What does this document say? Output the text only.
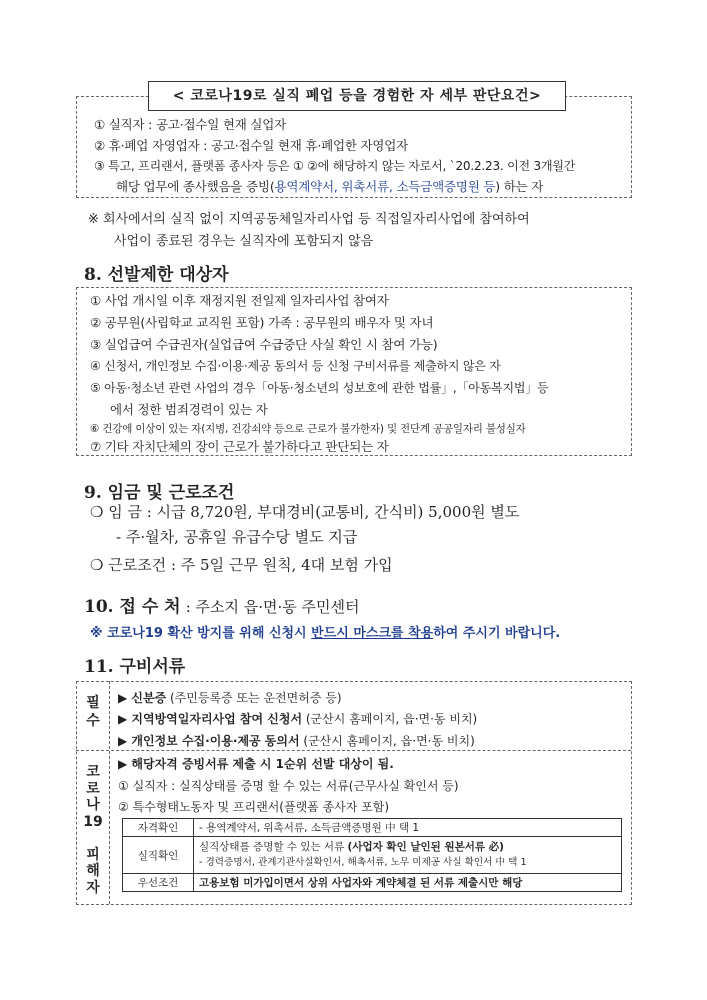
< 코로나19로 실직 폐업 등을 경험한 자 세부 판단요건>
① 실직자 : 공고·접수일 현재 실업자
② 휴·폐업 자영업자 : 공고·접수일 현재 휴·폐업한 자영업자
③ 특고, 프리랜서, 플랫폼 종사자 등은 ① ②에 해당하지 않는 자로서, `20.2.23. 이전 3개월간
해당 업무에 종사했음을 증빙(용역계약서, 위촉서류, 소득금액증명원 등) 하는 자
※ 회사에서의 실직 없이 지역공동체일자리사업 등 직접일자리사업에 참여하여
사업이 종료된 경우는 실직자에 포함되지 않음
8. 선발제한 대상자
① 사업 개시일 이후 재정지원 전일제 일자리사업 참여자
② 공무원(사립학교 교직원 포함) 가족 : 공무원의 배우자 및 자녀
③ 실업급여 수급권자(실업급여 수급중단 사실 확인 시 참여 가능)
④ 신청서, 개인정보 수집·이용·제공 동의서 등 신청 구비서류를 제출하지 않은 자
⑤ 아동·청소년 관련 사업의 경우「아동·청소년의 성보호에 관한 법률」,「아동복지법」등
에서 정한 범죄경력이 있는 자
⑥ 건강에 이상이 있는 자(지병, 건강쇠약 등으로 근로가 불가한자) 및 전단계 공공일자리 불성실자
⑦ 기타 자치단체의 장이 근로가 불가하다고 판단되는 자
9. 임금 및 근로조건
❍ 임 금 : 시급 8,720원, 부대경비(교통비, 간식비) 5,000원 별도
- 주·월차, 공휴일 유급수당 별도 지급
❍ 근로조건 : 주 5일 근무 원칙, 4대 보험 가입
10. 접 수 처 : 주소지 읍·면·동 주민센터
※ 코로나19 확산 방지를 위해 신청시 반드시 마스크를 착용하여 주시기 바랍니다.
11. 구비서류
필
수
▶ 신분증 (주민등록증 또는 운전면허증 등)
▶ 지역방역일자리사업 참여 신청서 (군산시 홈페이지, 읍·면·동 비치)
▶ 개인정보 수집·이용·제공 동의서 (군산시 홈페이지, 읍·면·동 비치)
코
로
나
19

피
해
자
▶ 해당자격 증빙서류 제출 시 1순위 선발 대상이 됨.
① 실직자 : 실직상태를 증명 할 수 있는 서류(근무사실 확인서 등)
② 특수형태노동자 및 프리랜서(플랫폼 종사자 포함)
자격확인	- 용역계약서, 위촉서류, 소득금액증명원 中 택 1
실직확인	실직상태를 증명할 수 있는 서류 (사업자 확인 날인된 원본서류 必)
- 경력증명서, 관계기관사실확인서, 해촉서류, 노무 미제공 사실 확인서 中 택 1

우선조건	고용보험 미가입이면서 상위 사업자와 계약체결 된 서류 제출시만 해당
